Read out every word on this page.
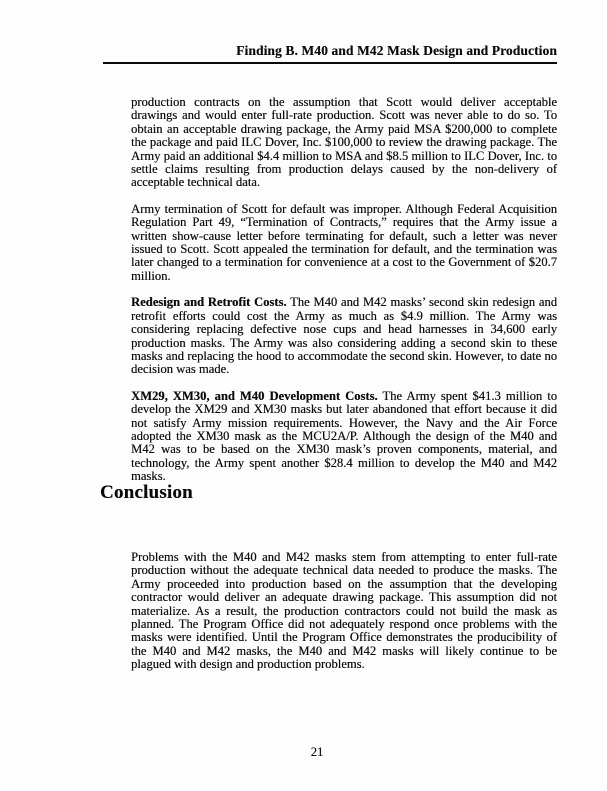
Finding B. M40 and M42 Mask Design and Production

production contracts on the assumption that Scott would deliver acceptable drawings and would enter full-rate production. Scott was never able to do so. To obtain an acceptable drawing package, the Army paid MSA $200,000 to complete the package and paid ILC Dover, Inc. $100,000 to review the drawing package. The Army paid an additional $4.4 million to MSA and $8.5 million to ILC Dover, Inc. to settle claims resulting from production delays caused by the non-delivery of acceptable technical data.

Army termination of Scott for default was improper. Although Federal Acquisition Regulation Part 49, “Termination of Contracts,” requires that the Army issue a written show-cause letter before terminating for default, such a letter was never issued to Scott. Scott appealed the termination for default, and the termination was later changed to a termination for convenience at a cost to the Government of $20.7 million.

Redesign and Retrofit Costs. The M40 and M42 masks’ second skin redesign and retrofit efforts could cost the Army as much as $4.9 million. The Army was considering replacing defective nose cups and head harnesses in 34,600 early production masks. The Army was also considering adding a second skin to these masks and replacing the hood to accommodate the second skin. However, to date no decision was made.

XM29, XM30, and M40 Development Costs. The Army spent $41.3 million to develop the XM29 and XM30 masks but later abandoned that effort because it did not satisfy Army mission requirements. However, the Navy and the Air Force adopted the XM30 mask as the MCU2A/P. Although the design of the M40 and M42 was to be based on the XM30 mask’s proven components, material, and technology, the Army spent another $28.4 million to develop the M40 and M42 masks.

Conclusion

Problems with the M40 and M42 masks stem from attempting to enter full-rate production without the adequate technical data needed to produce the masks. The Army proceeded into production based on the assumption that the developing contractor would deliver an adequate drawing package. This assumption did not materialize. As a result, the production contractors could not build the mask as planned. The Program Office did not adequately respond once problems with the masks were identified. Until the Program Office demonstrates the producibility of the M40 and M42 masks, the M40 and M42 masks will likely continue to be plagued with design and production problems.

21
